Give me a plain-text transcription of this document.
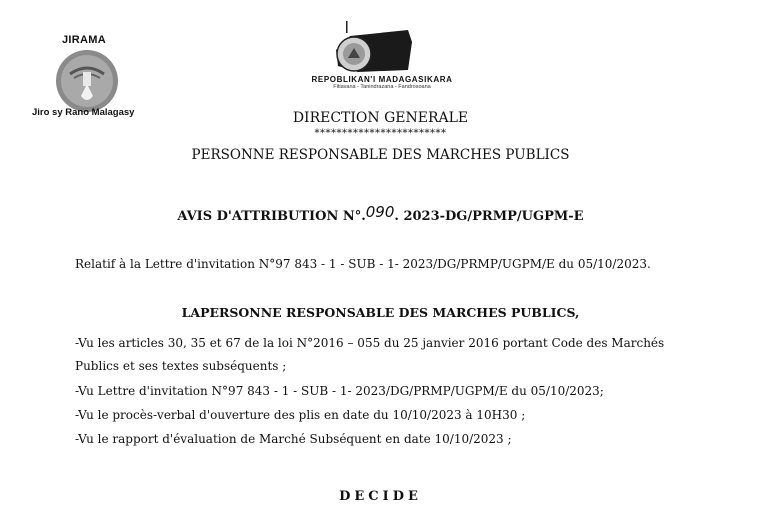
JIRAMA
Jiro sy Rano Malagasy
REPOBLIKAN'I MADAGASIKARA
Fitiavana - Tanindrazana - Fandrosoana
DIRECTION GENERALE
************************
PERSONNE RESPONSABLE DES MARCHES PUBLICS
AVIS D'ATTRIBUTION N°.090. 2023-DG/PRMP/UGPM-E
Relatif à la Lettre d'invitation N°97 843 - 1 - SUB - 1- 2023/DG/PRMP/UGPM/E du 05/10/2023.
LAPERSONNE RESPONSABLE DES MARCHES PUBLICS,
-Vu les articles 30, 35 et 67 de la loi N°2016 – 055 du 25 janvier 2016 portant Code des Marchés
Publics et ses textes subséquents ;
-Vu Lettre d'invitation N°97 843 - 1 - SUB - 1- 2023/DG/PRMP/UGPM/E du 05/10/2023;
-Vu le procès-verbal d'ouverture des plis en date du 10/10/2023 à 10H30 ;
-Vu le rapport d'évaluation de Marché Subséquent en date 10/10/2023 ;
DECIDE
